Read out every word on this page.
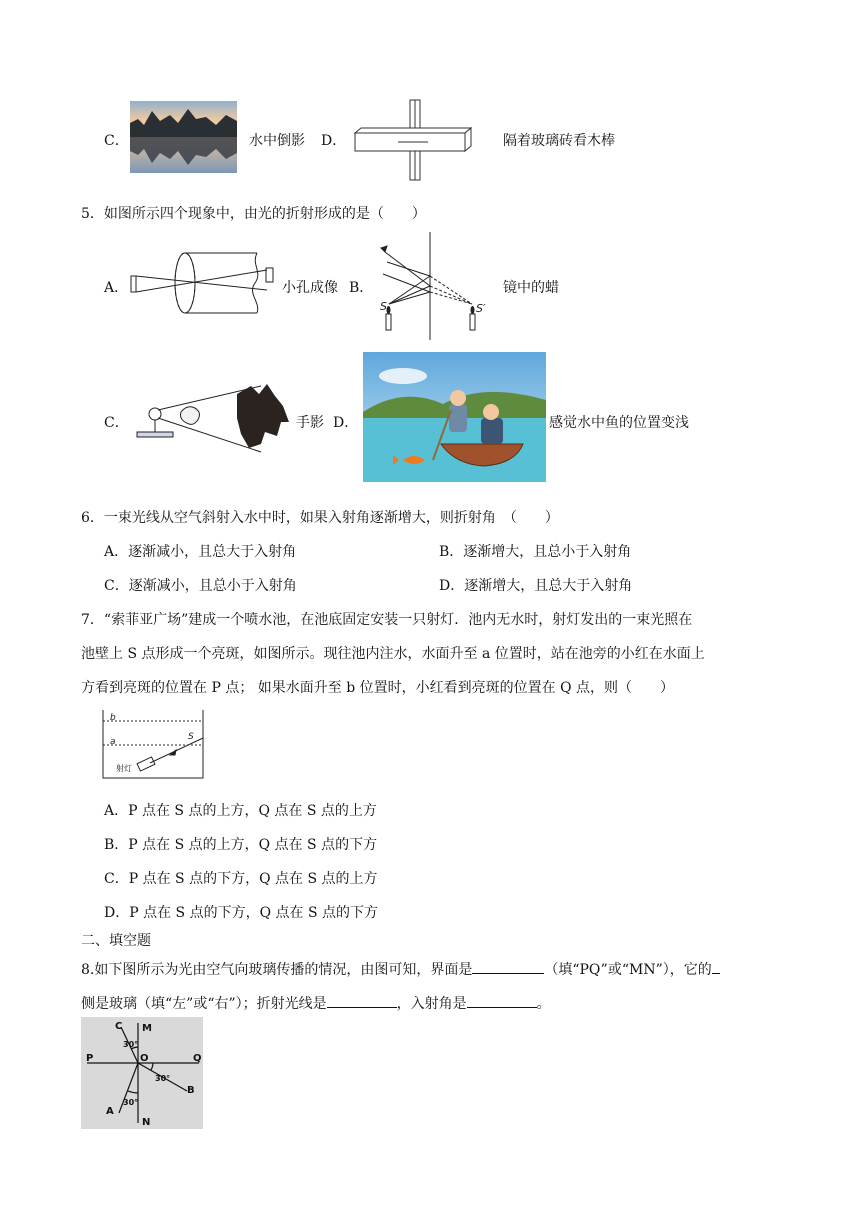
C．	水中倒影 D．	隔着玻璃砖看木棒
5．如图所示四个现象中，由光的折射形成的是（　　）
A．	小孔成像 B．
S	S′
镜中的蜡
C．	手影 D．	感觉水中鱼的位置变浅
6．一束光线从空气斜射入水中时，如果入射角逐渐增大，则折射角　（　　）
A．逐渐减小，且总大于入射角	B．逐渐增大，且总小于入射角
C．逐渐减小，且总小于入射角	D．逐渐增大，且总大于入射角
7．“索菲亚广场”建成一个喷水池，在池底固定安装一只射灯．池内无水时，射灯发出的一束光照在
池壁上 S 点形成一个亮斑，如图所示。现往池内注水，水面升至 a 位置时，站在池旁的小红在水面上
方看到亮斑的位置在 P 点； 如果水面升至 b 位置时，小红看到亮斑的位置在 Q 点，则（　　）
b
a	S
射灯
A．P 点在 S 点的上方，Q 点在 S 点的上方
B．P 点在 S 点的上方，Q 点在 S 点的下方
C．P 点在 S 点的下方，Q 点在 S 点的上方
D．P 点在 S 点的下方，Q 点在 S 点的下方
二、填空题
8.如下图所示为光由空气向玻璃传播的情况，由图可知，界面是	（填“PQ”或“MN”），它的
侧是玻璃（填“左”或“右”）；折射光线是	，入射角是	。
C M
P	O	Q
B
A
N
30°
30°
30°
